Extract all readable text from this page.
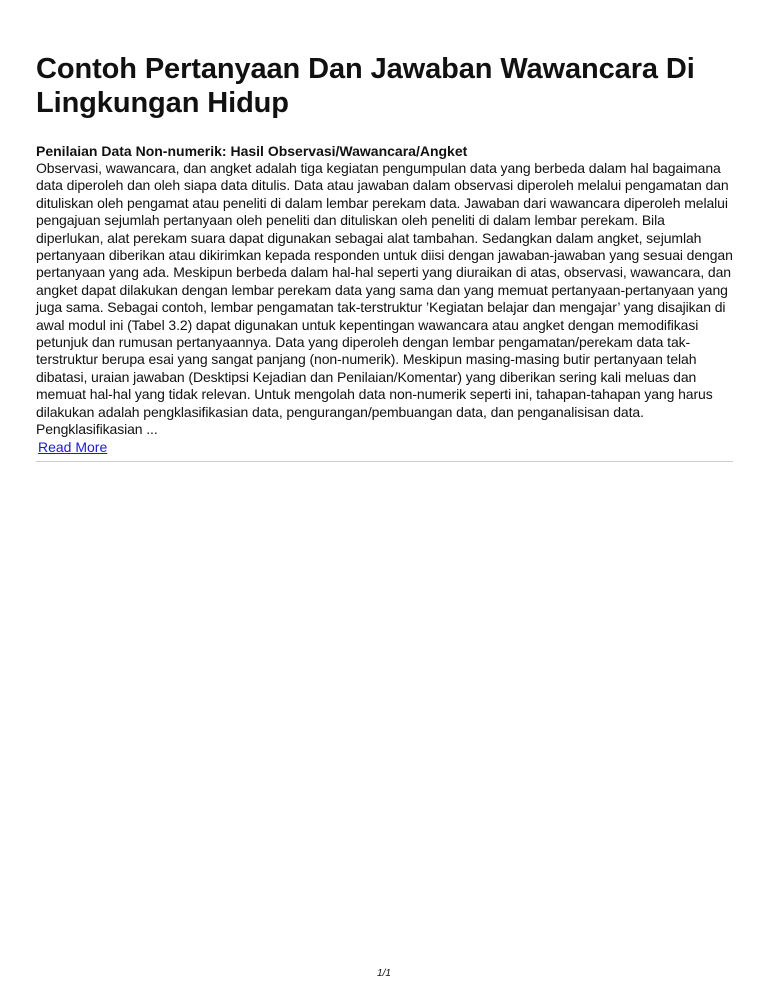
Contoh Pertanyaan Dan Jawaban Wawancara Di Lingkungan Hidup
Penilaian Data Non-numerik: Hasil Observasi/Wawancara/Angket

Observasi, wawancara, dan angket adalah tiga kegiatan pengumpulan data yang berbeda dalam hal bagaimana data diperoleh dan oleh siapa data ditulis. Data atau jawaban dalam observasi diperoleh melalui pengamatan dan dituliskan oleh pengamat atau peneliti di dalam lembar perekam data. Jawaban dari wawancara diperoleh melalui pengajuan sejumlah pertanyaan oleh peneliti dan dituliskan oleh peneliti di dalam lembar perekam. Bila diperlukan, alat perekam suara dapat digunakan sebagai alat tambahan. Sedangkan dalam angket, sejumlah pertanyaan diberikan atau dikirimkan kepada responden untuk diisi dengan jawaban-jawaban yang sesuai dengan pertanyaan yang ada. Meskipun berbeda dalam hal-hal seperti yang diuraikan di atas, observasi, wawancara, dan angket dapat dilakukan dengan lembar perekam data yang sama dan yang memuat pertanyaan-pertanyaan yang juga sama. Sebagai contoh, lembar pengamatan tak-terstruktur ’Kegiatan belajar dan mengajar’ yang disajikan di awal modul ini (Tabel 3.2) dapat digunakan untuk kepentingan wawancara atau angket dengan memodifikasi petunjuk dan rumusan pertanyaannya. Data yang diperoleh dengan lembar pengamatan/perekam data tak-terstruktur berupa esai yang sangat panjang (non-numerik). Meskipun masing-masing butir pertanyaan telah dibatasi, uraian jawaban (Desktipsi Kejadian dan Penilaian/Komentar) yang diberikan sering kali meluas dan memuat hal-hal yang tidak relevan. Untuk mengolah data non-numerik seperti ini, tahapan-tahapan yang harus dilakukan adalah pengklasifikasian data, pengurangan/pembuangan data, dan penganalisisan data. Pengklasifikasian ...

Read More
1/1
